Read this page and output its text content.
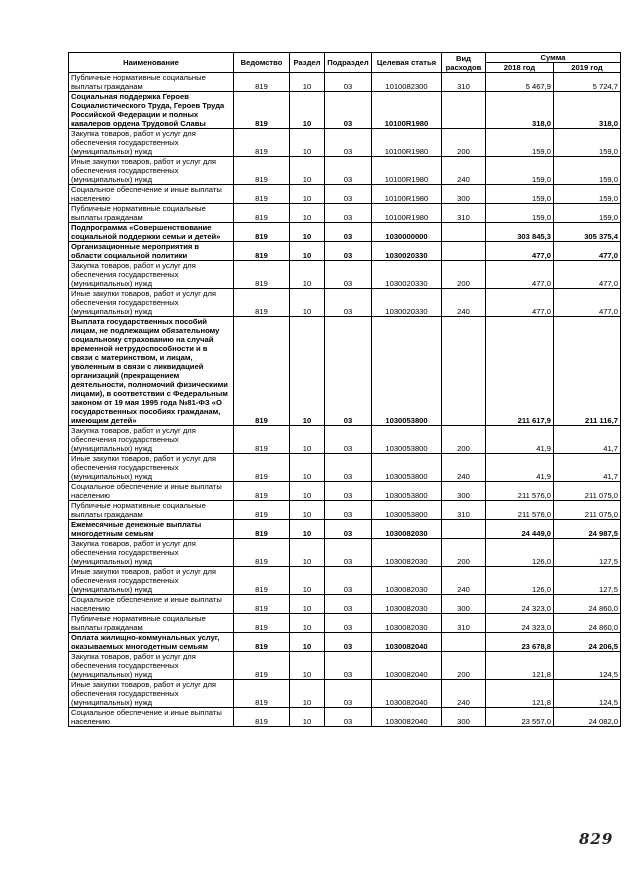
Наименование	Ведомство	Раздел	Подраздел	Целевая статья	Вид расходов	Сумма	
						2018 год	2019 год
Публичные нормативные социальные выплаты гражданам	819	10	03	1010082300	310	5 467,9	5 724,7
Социальная поддержка Героев Социалистического Труда, Героев Труда Российской Федерации и полных кавалеров ордена Трудовой Славы	819	10	03	10100R1980		318,0	318,0
Закупка товаров, работ и услуг для обеспечения государственных (муниципальных) нужд	819	10	03	10100R1980	200	159,0	159,0
Иные закупки товаров, работ и услуг для обеспечения государственных (муниципальных) нужд	819	10	03	10100R1980	240	159,0	159,0
Социальное обеспечение и иные выплаты населению	819	10	03	10100R1980	300	159,0	159,0
Публичные нормативные социальные выплаты гражданам	819	10	03	10100R1980	310	159,0	159,0
Подпрограмма «Совершенствование социальной поддержки семьи и детей»	819	10	03	1030000000		303 845,3	305 375,4
Организационные мероприятия в области социальной политики	819	10	03	1030020330		477,0	477,0
Закупка товаров, работ и услуг для обеспечения государственных (муниципальных) нужд	819	10	03	1030020330	200	477,0	477,0
Иные закупки товаров, работ и услуг для обеспечения государственных (муниципальных) нужд	819	10	03	1030020330	240	477,0	477,0
Выплата государственных пособий лицам, не подлежащим обязательному социальному страхованию на случай временной нетрудоспособности и в связи с материнством, и лицам, уволенным в связи с ликвидацией организаций (прекращением деятельности, полномочий физическими лицами), в соответствии с Федеральным законом от 19 мая 1995 года №81-ФЗ «О государственных пособиях гражданам, имеющим детей»	819	10	03	1030053800		211 617,9	211 116,7
Закупка товаров, работ и услуг для обеспечения государственных (муниципальных) нужд	819	10	03	1030053800	200	41,9	41,7
Иные закупки товаров, работ и услуг для обеспечения государственных (муниципальных) нужд	819	10	03	1030053800	240	41,9	41,7
Социальное обеспечение и иные выплаты населению	819	10	03	1030053800	300	211 576,0	211 075,0
Публичные нормативные социальные выплаты гражданам	819	10	03	1030053800	310	211 576,0	211 075,0
Ежемесячные денежные выплаты многодетным семьям	819	10	03	1030082030		24 449,0	24 987,5
Закупка товаров, работ и услуг для обеспечения государственных (муниципальных) нужд	819	10	03	1030082030	200	126,0	127,5
Иные закупки товаров, работ и услуг для обеспечения государственных (муниципальных) нужд	819	10	03	1030082030	240	126,0	127,5
Социальное обеспечение и иные выплаты населению	819	10	03	1030082030	300	24 323,0	24 860,0
Публичные нормативные социальные выплаты гражданам	819	10	03	1030082030	310	24 323,0	24 860,0
Оплата жилищно-коммунальных услуг, оказываемых многодетным семьям	819	10	03	1030082040		23 678,8	24 206,5
Закупка товаров, работ и услуг для обеспечения государственных (муниципальных) нужд	819	10	03	1030082040	200	121,8	124,5
Иные закупки товаров, работ и услуг для обеспечения государственных (муниципальных) нужд	819	10	03	1030082040	240	121,8	124,5
Социальное обеспечение и иные выплаты населению	819	10	03	1030082040	300	23 557,0	24 082,0
829
